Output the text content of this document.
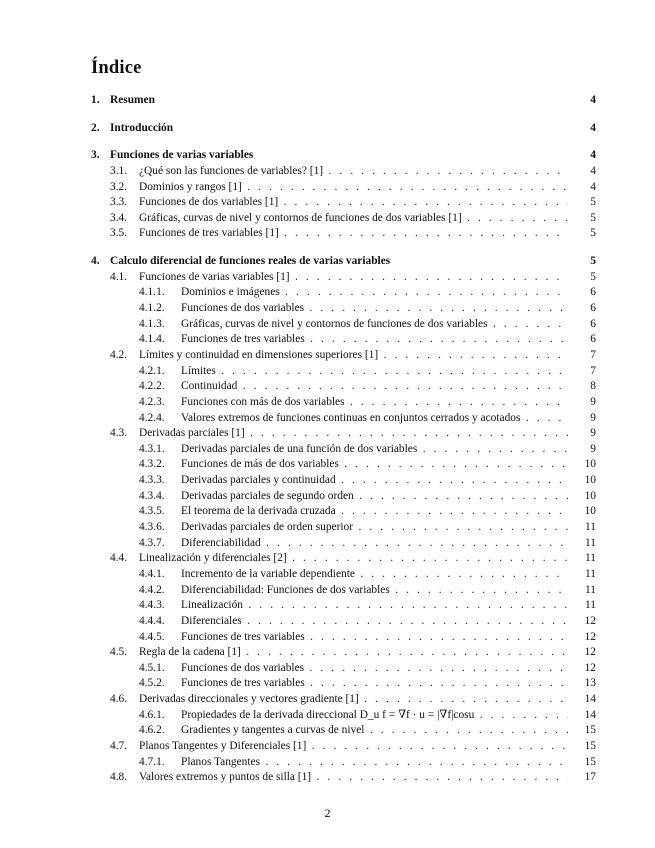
Índice
1. Resumen	4
2. Introducción	4
3. Funciones de varias variables	4
3.1. ¿Qué son las funciones de variables? [1] . . .	4
3.2. Dominios y rangos [1] . . .	4
3.3. Funciones de dos variables [1] . . .	5
3.4. Gráficas, curvas de nivel y contornos de funciones de dos variables [1] . . .	5
3.5. Funciones de tres variables [1] . . .	5
4. Calculo diferencial de funciones reales de varias variables	5
4.1. Funciones de varias variables [1] . . .	5
4.1.1. Dominios e imágenes . . .	6
4.1.2. Funciones de dos variables . . .	6
4.1.3. Gráficas, curvas de nivel y contornos de funciones de dos variables . . .	6
4.1.4. Funciones de tres variables . . .	6
4.2. Límites y continuidad en dimensiones superiores [1] . . .	7
4.2.1. Límites . . .	7
4.2.2. Continuidad . . .	8
4.2.3. Funciones con más de dos variables . . .	9
4.2.4. Valores extremos de funciones continuas en conjuntos cerrados y acotados . . .	9
4.3. Derivadas parciales [1] . . .	9
4.3.1. Derivadas parciales de una función de dos variables . . .	9
4.3.2. Funciones de más de dos variables . . .	10
4.3.3. Derivadas parciales y continuidad . . .	10
4.3.4. Derivadas parciales de segundo orden . . .	10
4.3.5. El teorema de la derivada cruzada . . .	10
4.3.6. Derivadas parciales de orden superior . . .	11
4.3.7. Diferenciabilidad . . .	11
4.4. Linealización y diferenciales [2] . . .	11
4.4.1. Incremento de la variable dependiente . . .	11
4.4.2. Diferenciabilidad: Funciones de dos variables . . .	11
4.4.3. Linealización . . .	11
4.4.4. Diferenciales . . .	12
4.4.5. Funciones de tres variables . . .	12
4.5. Regla de la cadena [1] . . .	12
4.5.1. Funciones de dos variables . . .	12
4.5.2. Funciones de tres variables . . .	13
4.6. Derivadas direccionales y vectores gradiente [1] . . .	14
4.6.1. Propiedades de la derivada direccional D_u f = ∇f · u = |∇f|cosu . . .	14
4.6.2. Gradientes y tangentes a curvas de nivel . . .	15
4.7. Planos Tangentes y Diferenciales [1] . . .	15
4.7.1. Planos Tangentes . . .	15
4.8. Valores extremos y puntos de silla [1] . . .	17
2
